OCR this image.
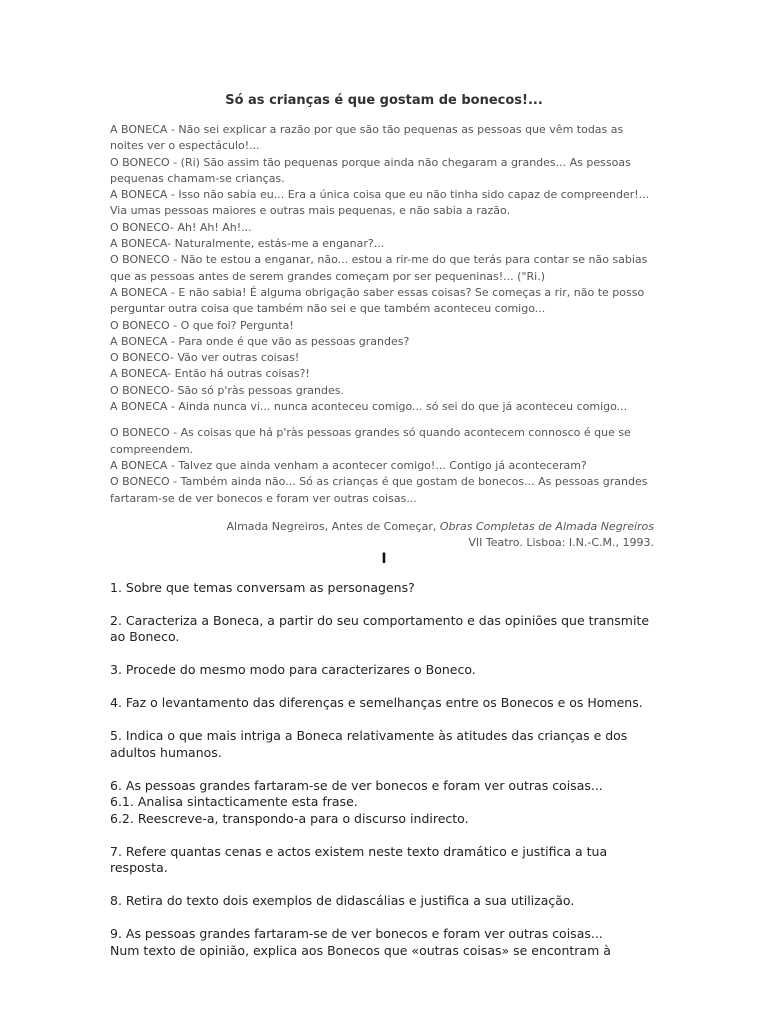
Só as crianças é que gostam de bonecos!...

A BONECA - Não sei explicar a razão por que são tão pequenas as pessoas que vêm todas as noites ver o espectáculo!...

O BONECO - (Ri) São assim tão pequenas porque ainda não chegaram a grandes... As pessoas pequenas chamam-se crianças.

A BONECA - Isso não sabia eu... Era a única coisa que eu não tinha sido capaz de compreender!... Via umas pessoas maiores e outras mais pequenas, e não sabia a razão.

O BONECO- Ah! Ah! Ah!...

A BONECA- Naturalmente, estás-me a enganar?...

O BONECO - Não te estou a enganar, não... estou a rir-me do que terás para contar se não sabias que as pessoas antes de serem grandes começam por ser pequeninas!... ("Ri.)

A BONECA - E não sabia! É alguma obrigação saber essas coisas? Se começas a rir, não te posso perguntar outra coisa que também não sei e que também aconteceu comigo...

O BONECO - O que foi? Pergunta!

A BONECA - Para onde é que vão as pessoas grandes?

O BONECO- Vão ver outras coisas!

A BONECA- Então há outras coisas?!

O BONECO- São só p'ràs pessoas grandes.

A BONECA - Ainda nunca vi... nunca aconteceu comigo... só sei do que já aconteceu comigo...

O BONECO - As coisas que há p'ràs pessoas grandes só quando acontecem connosco é que se compreendem.

A BONECA - Talvez que ainda venham a acontecer comigo!... Contigo já aconteceram?

O BONECO - Também ainda não... Só as crianças é que gostam de bonecos... As pessoas grandes fartaram-se de ver bonecos e foram ver outras coisas...

Almada Negreiros, Antes de Começar, Obras Completas de Almada Negreiros
VII Teatro. Lisboa: I.N.-C.M., 1993.
I

1. Sobre que temas conversam as personagens?

2. Caracteriza a Boneca, a partir do seu comportamento e das opiniões que transmite ao Boneco.

3. Procede do mesmo modo para caracterizares o Boneco.

4. Faz o levantamento das diferenças e semelhanças entre os Bonecos e os Homens.

5. Indica o que mais intriga a Boneca relativamente às atitudes das crianças e dos adultos humanos.

6. As pessoas grandes fartaram-se de ver bonecos e foram ver outras coisas...

6.1. Analisa sintacticamente esta frase.

6.2. Reescreve-a, transpondo-a para o discurso indirecto.

7. Refere quantas cenas e actos existem neste texto dramático e justifica a tua resposta.

8. Retira do texto dois exemplos de didascálias e justifica a sua utilização.

9. As pessoas grandes fartaram-se de ver bonecos e foram ver outras coisas...

Num texto de opinião, explica aos Bonecos que «outras coisas» se encontram à
